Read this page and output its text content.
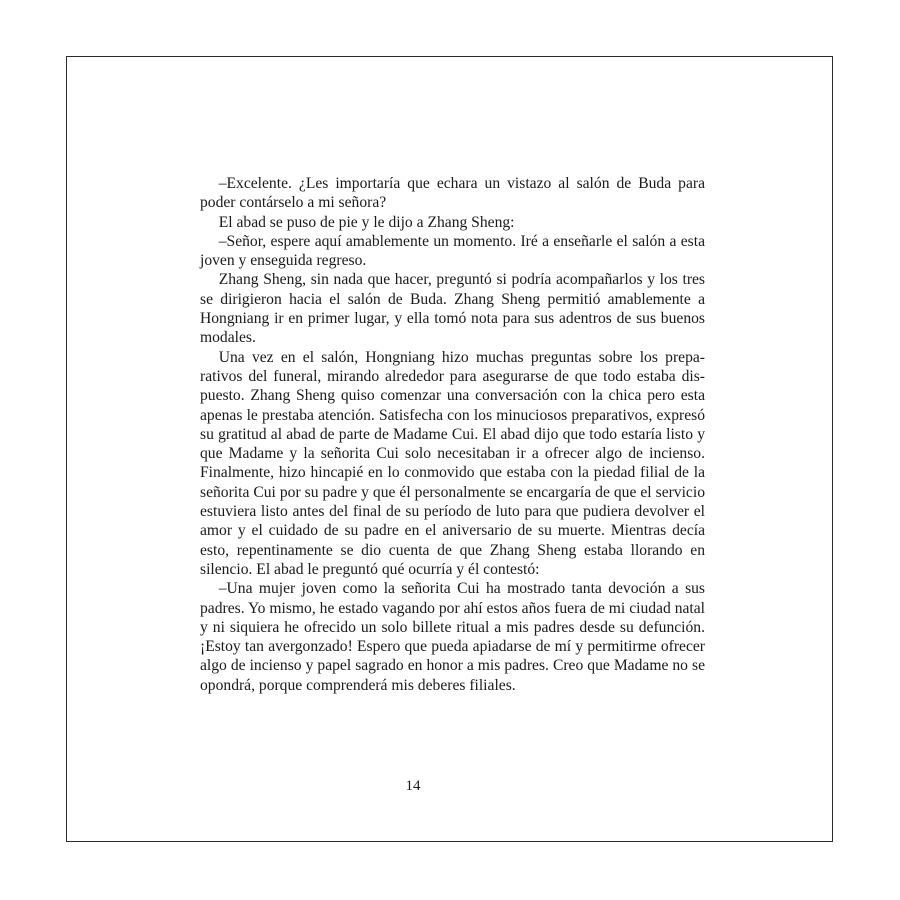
–Excelente. ¿Les importaría que echara un vistazo al salón de Buda para poder contárselo a mi señora?

El abad se puso de pie y le dijo a Zhang Sheng:

–Señor, espere aquí amablemente un momento. Iré a enseñarle el salón a esta joven y enseguida regreso.

Zhang Sheng, sin nada que hacer, preguntó si podría acompañarlos y los tres se dirigieron hacia el salón de Buda. Zhang Sheng permitió amablemente a Hongniang ir en primer lugar, y ella tomó nota para sus adentros de sus buenos modales.

Una vez en el salón, Hongniang hizo muchas preguntas sobre los preparativos del funeral, mirando alrededor para asegurarse de que todo estaba dispuesto. Zhang Sheng quiso comenzar una conversación con la chica pero esta apenas le prestaba atención. Satisfecha con los minuciosos preparativos, expresó su gratitud al abad de parte de Madame Cui. El abad dijo que todo estaría listo y que Madame y la señorita Cui solo necesitaban ir a ofrecer algo de incienso. Finalmente, hizo hincapié en lo conmovido que estaba con la piedad filial de la señorita Cui por su padre y que él personalmente se encargaría de que el servicio estuviera listo antes del final de su período de luto para que pudiera devolver el amor y el cuidado de su padre en el aniversario de su muerte. Mientras decía esto, repentinamente se dio cuenta de que Zhang Sheng estaba llorando en silencio. El abad le preguntó qué ocurría y él contestó:

–Una mujer joven como la señorita Cui ha mostrado tanta devoción a sus padres. Yo mismo, he estado vagando por ahí estos años fuera de mi ciudad natal y ni siquiera he ofrecido un solo billete ritual a mis padres desde su defunción. ¡Estoy tan avergonzado! Espero que pueda apiadarse de mí y permitirme ofrecer algo de incienso y papel sagrado en honor a mis padres. Creo que Madame no se opondrá, porque comprenderá mis deberes filiales.

14
